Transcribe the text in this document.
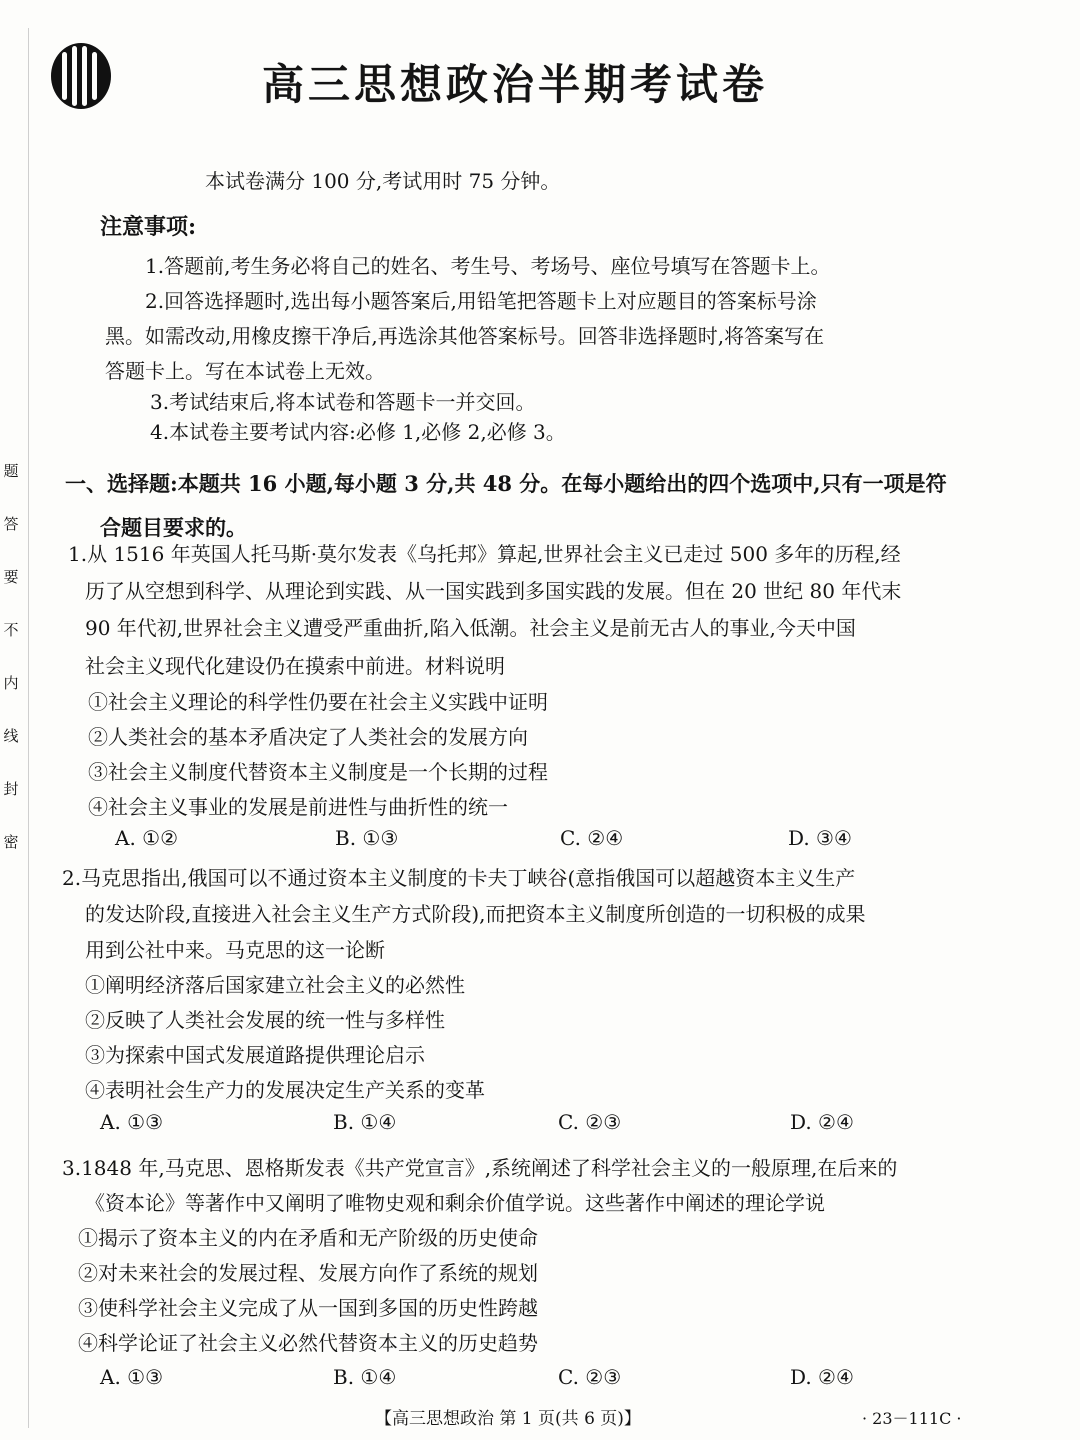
高三思想政治半期考试卷
本试卷满分 100 分,考试用时 75 分钟。
注意事项:
1.答题前,考生务必将自己的姓名、考生号、考场号、座位号填写在答题卡上。
2.回答选择题时,选出每小题答案后,用铅笔把答题卡上对应题目的答案标号涂
黑。如需改动,用橡皮擦干净后,再选涂其他答案标号。回答非选择题时,将答案写在
答题卡上。写在本试卷上无效。
3.考试结束后,将本试卷和答题卡一并交回。
4.本试卷主要考试内容:必修 1,必修 2,必修 3。
题
答
要
不
内
线
封
密
一、选择题:本题共 16 小题,每小题 3 分,共 48 分。在每小题给出的四个选项中,只有一项是符
合题目要求的。
1.从 1516 年英国人托马斯·莫尔发表《乌托邦》算起,世界社会主义已走过 500 多年的历程,经
历了从空想到科学、从理论到实践、从一国实践到多国实践的发展。但在 20 世纪 80 年代末
90 年代初,世界社会主义遭受严重曲折,陷入低潮。社会主义是前无古人的事业,今天中国
社会主义现代化建设仍在摸索中前进。材料说明
①社会主义理论的科学性仍要在社会主义实践中证明
②人类社会的基本矛盾决定了人类社会的发展方向
③社会主义制度代替资本主义制度是一个长期的过程
④社会主义事业的发展是前进性与曲折性的统一
A. ①②	B. ①③	C. ②④	D. ③④
2.马克思指出,俄国可以不通过资本主义制度的卡夫丁峡谷(意指俄国可以超越资本主义生产
的发达阶段,直接进入社会主义生产方式阶段),而把资本主义制度所创造的一切积极的成果
用到公社中来。马克思的这一论断
①阐明经济落后国家建立社会主义的必然性
②反映了人类社会发展的统一性与多样性
③为探索中国式发展道路提供理论启示
④表明社会生产力的发展决定生产关系的变革
A. ①③	B. ①④	C. ②③	D. ②④
3.1848 年,马克思、恩格斯发表《共产党宣言》,系统阐述了科学社会主义的一般原理,在后来的
《资本论》等著作中又阐明了唯物史观和剩余价值学说。这些著作中阐述的理论学说
①揭示了资本主义的内在矛盾和无产阶级的历史使命
②对未来社会的发展过程、发展方向作了系统的规划
③使科学社会主义完成了从一国到多国的历史性跨越
④科学论证了社会主义必然代替资本主义的历史趋势
A. ①③	B. ①④	C. ②③	D. ②④
【高三思想政治 第 1 页(共 6 页)】	· 23－111C ·
